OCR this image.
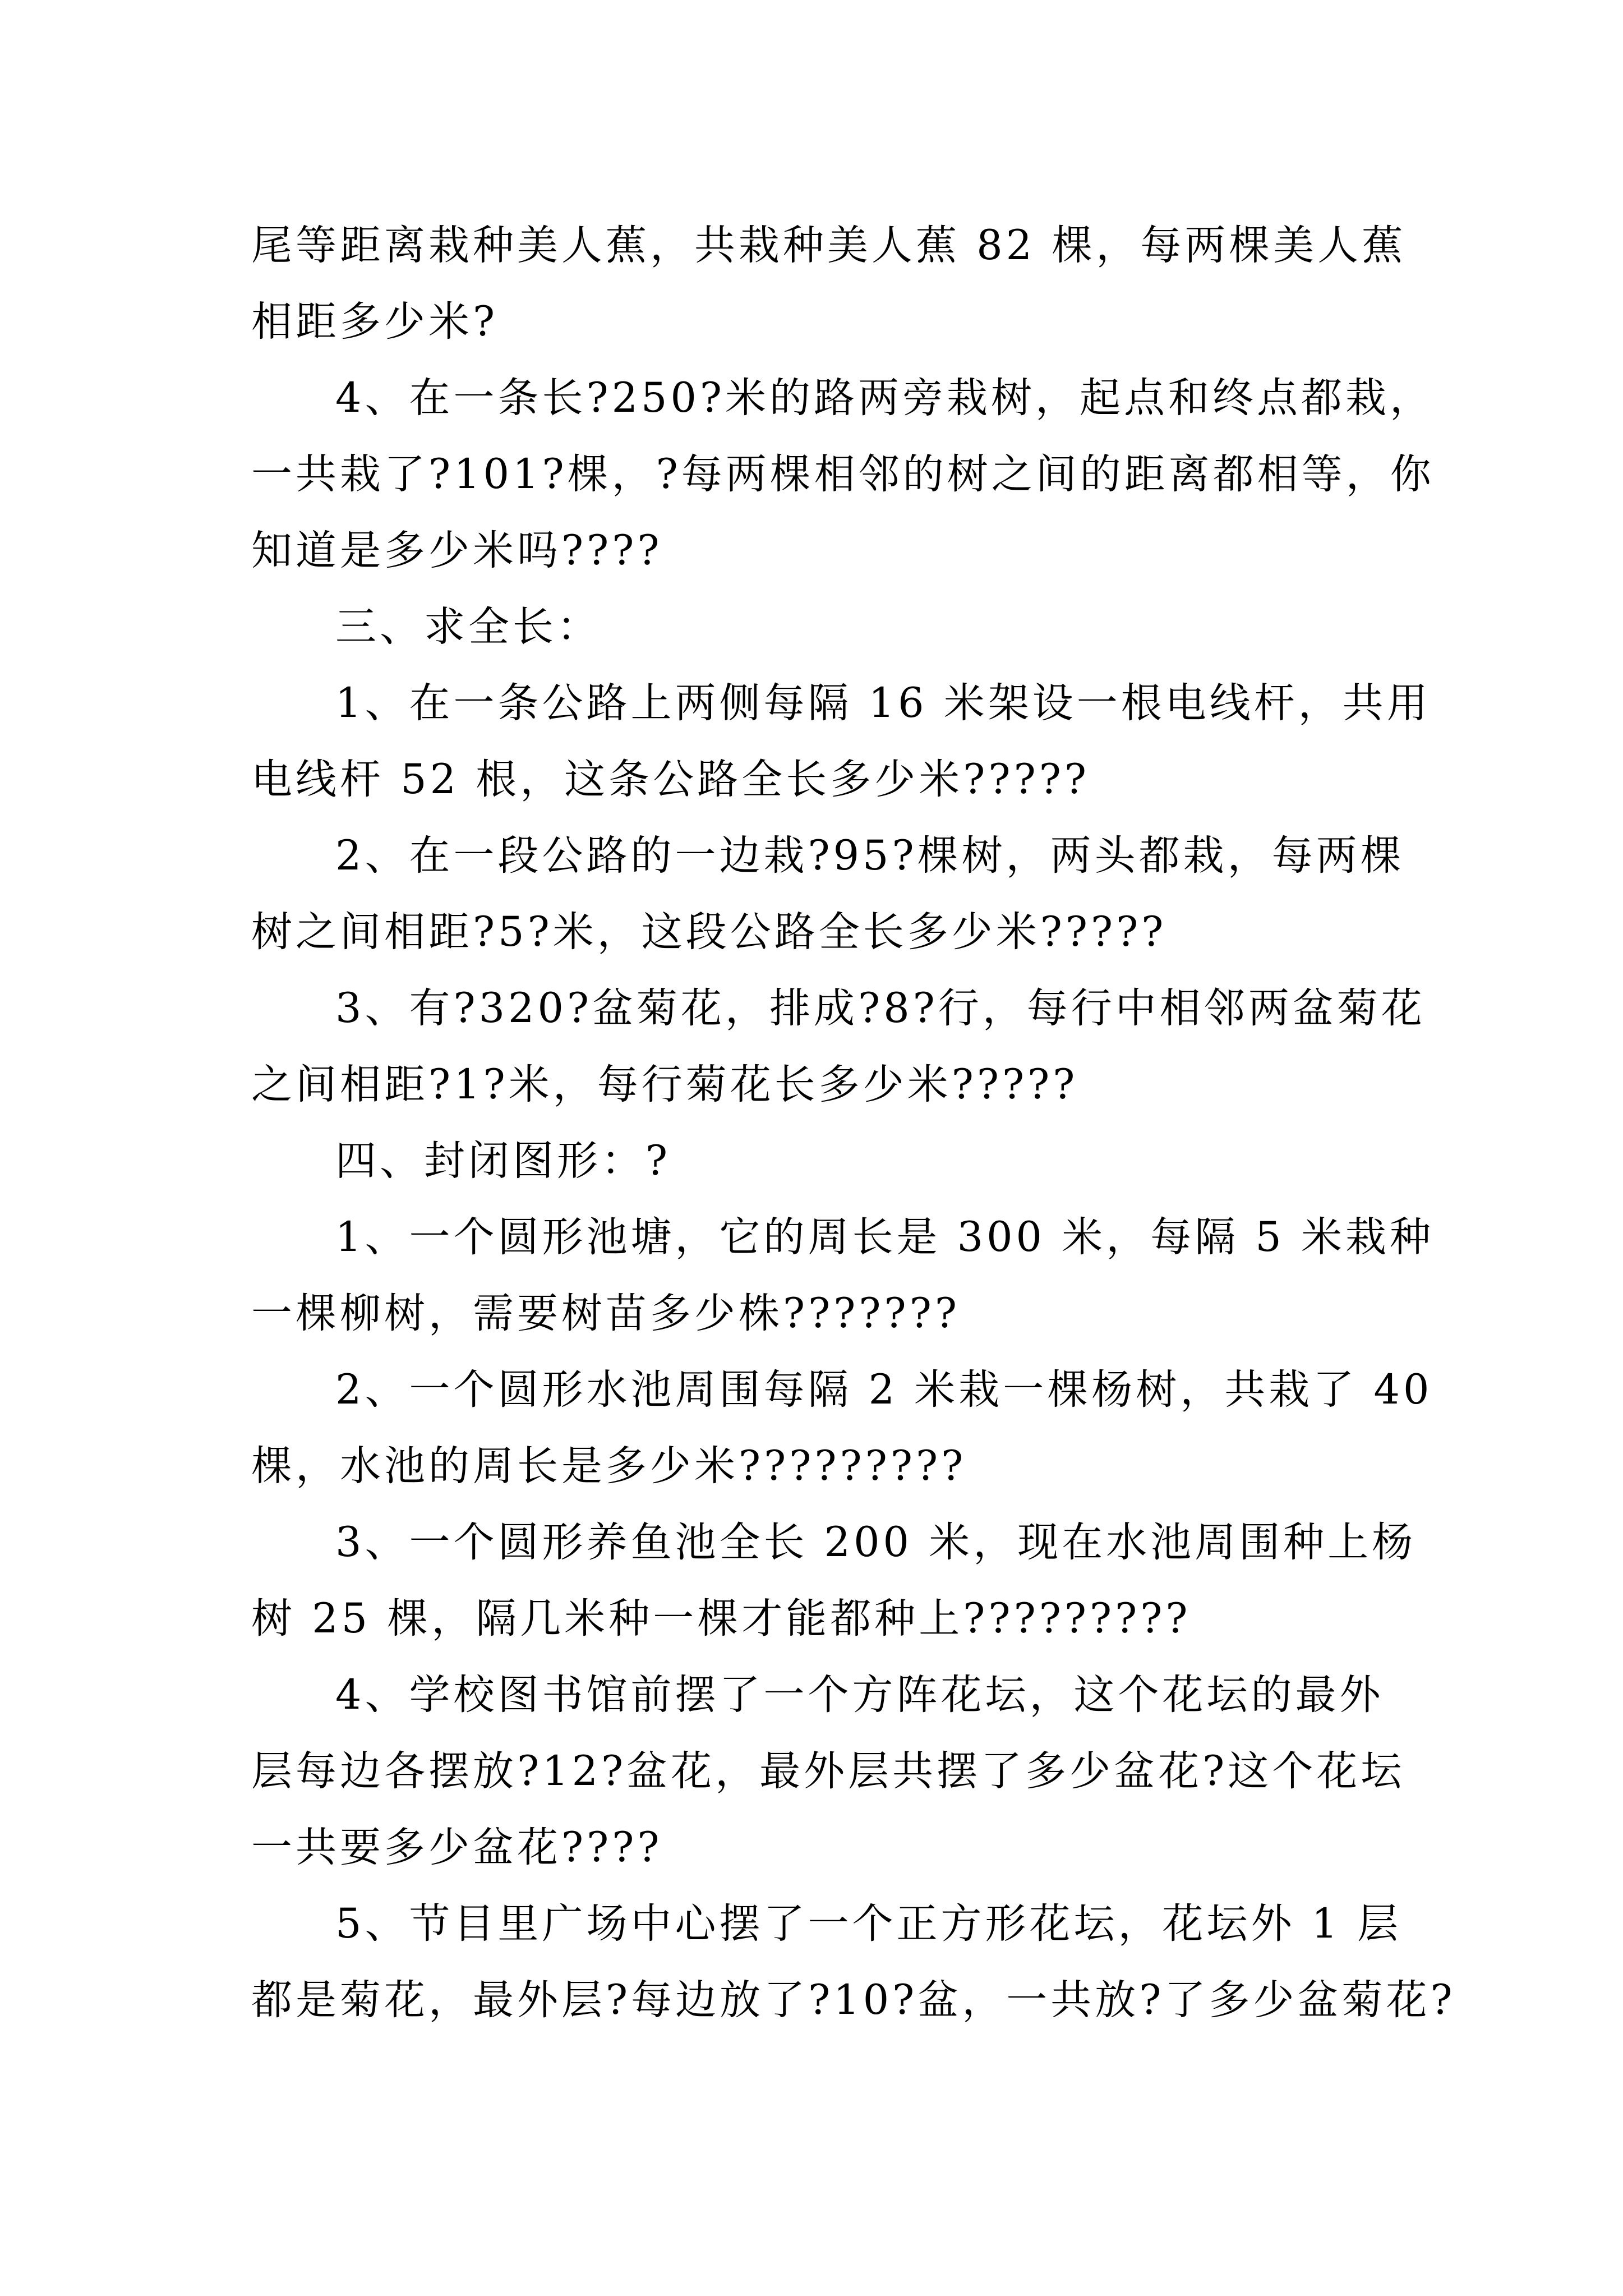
尾等距离栽种美人蕉，共栽种美人蕉 82 棵，每两棵美人蕉
相距多少米?
4、在一条长?250?米的路两旁栽树，起点和终点都栽，
一共栽了?101?棵，?每两棵相邻的树之间的距离都相等，你
知道是多少米吗????
三、求全长：
1、在一条公路上两侧每隔 16 米架设一根电线杆，共用
电线杆 52 根，这条公路全长多少米?????
2、在一段公路的一边栽?95?棵树，两头都栽，每两棵
树之间相距?5?米，这段公路全长多少米?????
3、有?320?盆菊花，排成?8?行，每行中相邻两盆菊花
之间相距?1?米，每行菊花长多少米?????
四、封闭图形：?
1、一个圆形池塘，它的周长是 300 米，每隔 5 米栽种
一棵柳树，需要树苗多少株???????
2、一个圆形水池周围每隔 2 米栽一棵杨树，共栽了 40
棵，水池的周长是多少米?????????
3、一个圆形养鱼池全长 200 米，现在水池周围种上杨
树 25 棵，隔几米种一棵才能都种上?????????
4、学校图书馆前摆了一个方阵花坛，这个花坛的最外
层每边各摆放?12?盆花，最外层共摆了多少盆花?这个花坛
一共要多少盆花????
5、节目里广场中心摆了一个正方形花坛，花坛外 1 层
都是菊花，最外层?每边放了?10?盆，一共放?了多少盆菊花?
